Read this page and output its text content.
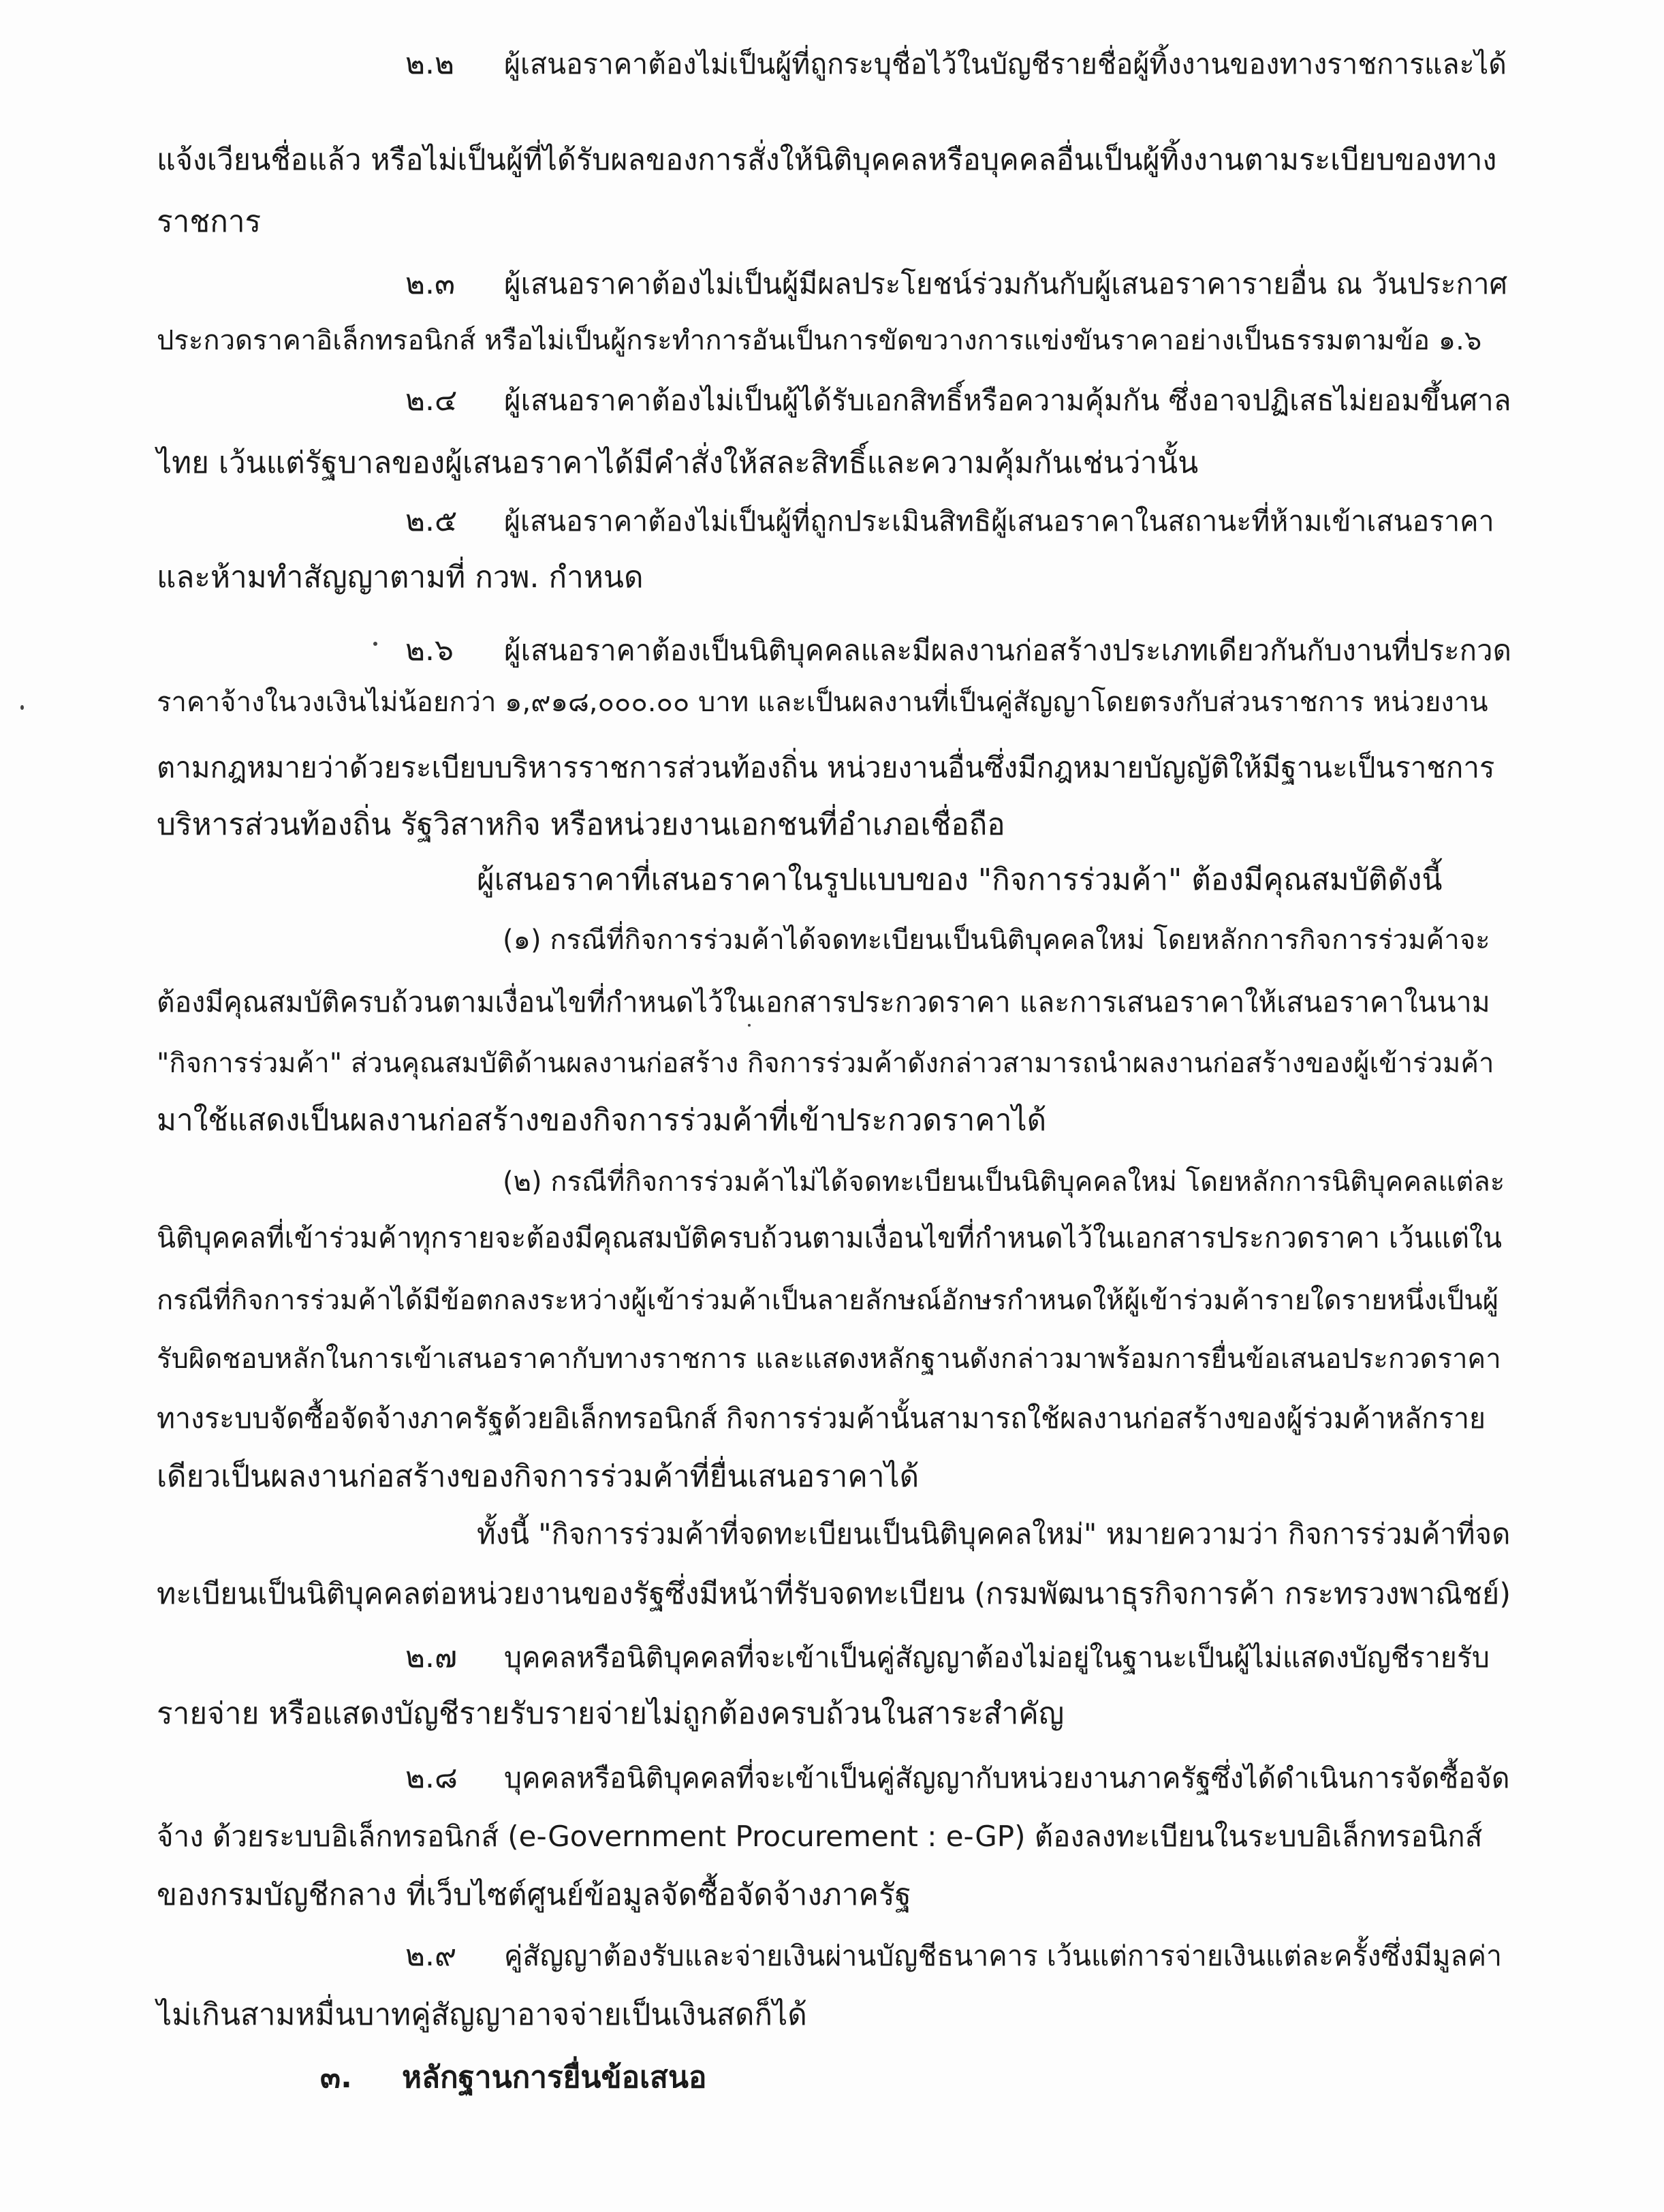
๒.๒ ผู้เสนอราคาต้องไม่เป็นผู้ที่ถูกระบุชื่อไว้ในบัญชีรายชื่อผู้ทิ้งงานของทางราชการและได้
แจ้งเวียนชื่อแล้ว หรือไม่เป็นผู้ที่ได้รับผลของการสั่งให้นิติบุคคลหรือบุคคลอื่นเป็นผู้ทิ้งงานตามระเบียบของทาง
ราชการ
๒.๓ ผู้เสนอราคาต้องไม่เป็นผู้มีผลประโยชน์ร่วมกันกับผู้เสนอราคารายอื่น ณ วันประกาศ
ประกวดราคาอิเล็กทรอนิกส์ หรือไม่เป็นผู้กระทำการอันเป็นการขัดขวางการแข่งขันราคาอย่างเป็นธรรมตามข้อ ๑.๖
๒.๔ ผู้เสนอราคาต้องไม่เป็นผู้ได้รับเอกสิทธิ์หรือความคุ้มกัน ซึ่งอาจปฏิเสธไม่ยอมขึ้นศาล
ไทย เว้นแต่รัฐบาลของผู้เสนอราคาได้มีคำสั่งให้สละสิทธิ์และความคุ้มกันเช่นว่านั้น
๒.๕ ผู้เสนอราคาต้องไม่เป็นผู้ที่ถูกประเมินสิทธิผู้เสนอราคาในสถานะที่ห้ามเข้าเสนอราคา
และห้ามทำสัญญาตามที่ กวพ. กำหนด
๒.๖ ผู้เสนอราคาต้องเป็นนิติบุคคลและมีผลงานก่อสร้างประเภทเดียวกันกับงานที่ประกวด
ราคาจ้างในวงเงินไม่น้อยกว่า ๑,๙๑๘,๐๐๐.๐๐ บาท และเป็นผลงานที่เป็นคู่สัญญาโดยตรงกับส่วนราชการ หน่วยงาน
ตามกฎหมายว่าด้วยระเบียบบริหารราชการส่วนท้องถิ่น หน่วยงานอื่นซึ่งมีกฎหมายบัญญัติให้มีฐานะเป็นราชการ
บริหารส่วนท้องถิ่น รัฐวิสาหกิจ หรือหน่วยงานเอกชนที่อำเภอเชื่อถือ
ผู้เสนอราคาที่เสนอราคาในรูปแบบของ "กิจการร่วมค้า" ต้องมีคุณสมบัติดังนี้
(๑) กรณีที่กิจการร่วมค้าได้จดทะเบียนเป็นนิติบุคคลใหม่ โดยหลักการกิจการร่วมค้าจะ
ต้องมีคุณสมบัติครบถ้วนตามเงื่อนไขที่กำหนดไว้ในเอกสารประกวดราคา และการเสนอราคาให้เสนอราคาในนาม
"กิจการร่วมค้า" ส่วนคุณสมบัติด้านผลงานก่อสร้าง กิจการร่วมค้าดังกล่าวสามารถนำผลงานก่อสร้างของผู้เข้าร่วมค้า
มาใช้แสดงเป็นผลงานก่อสร้างของกิจการร่วมค้าที่เข้าประกวดราคาได้
(๒) กรณีที่กิจการร่วมค้าไม่ได้จดทะเบียนเป็นนิติบุคคลใหม่ โดยหลักการนิติบุคคลแต่ละ
นิติบุคคลที่เข้าร่วมค้าทุกรายจะต้องมีคุณสมบัติครบถ้วนตามเงื่อนไขที่กำหนดไว้ในเอกสารประกวดราคา เว้นแต่ใน
กรณีที่กิจการร่วมค้าได้มีข้อตกลงระหว่างผู้เข้าร่วมค้าเป็นลายลักษณ์อักษรกำหนดให้ผู้เข้าร่วมค้ารายใดรายหนึ่งเป็นผู้
รับผิดชอบหลักในการเข้าเสนอราคากับทางราชการ และแสดงหลักฐานดังกล่าวมาพร้อมการยื่นข้อเสนอประกวดราคา
ทางระบบจัดซื้อจัดจ้างภาครัฐด้วยอิเล็กทรอนิกส์ กิจการร่วมค้านั้นสามารถใช้ผลงานก่อสร้างของผู้ร่วมค้าหลักราย
เดียวเป็นผลงานก่อสร้างของกิจการร่วมค้าที่ยื่นเสนอราคาได้
ทั้งนี้ "กิจการร่วมค้าที่จดทะเบียนเป็นนิติบุคคลใหม่" หมายความว่า กิจการร่วมค้าที่จด
ทะเบียนเป็นนิติบุคคลต่อหน่วยงานของรัฐซึ่งมีหน้าที่รับจดทะเบียน (กรมพัฒนาธุรกิจการค้า กระทรวงพาณิชย์)
๒.๗ บุคคลหรือนิติบุคคลที่จะเข้าเป็นคู่สัญญาต้องไม่อยู่ในฐานะเป็นผู้ไม่แสดงบัญชีรายรับ
รายจ่าย หรือแสดงบัญชีรายรับรายจ่ายไม่ถูกต้องครบถ้วนในสาระสำคัญ
๒.๘ บุคคลหรือนิติบุคคลที่จะเข้าเป็นคู่สัญญากับหน่วยงานภาครัฐซึ่งได้ดำเนินการจัดซื้อจัด
จ้าง ด้วยระบบอิเล็กทรอนิกส์ (e-Government Procurement : e-GP) ต้องลงทะเบียนในระบบอิเล็กทรอนิกส์
ของกรมบัญชีกลาง ที่เว็บไซต์ศูนย์ข้อมูลจัดซื้อจัดจ้างภาครัฐ
๒.๙ คู่สัญญาต้องรับและจ่ายเงินผ่านบัญชีธนาคาร เว้นแต่การจ่ายเงินแต่ละครั้งซึ่งมีมูลค่า
ไม่เกินสามหมื่นบาทคู่สัญญาอาจจ่ายเป็นเงินสดก็ได้
๓. หลักฐานการยื่นข้อเสนอ
